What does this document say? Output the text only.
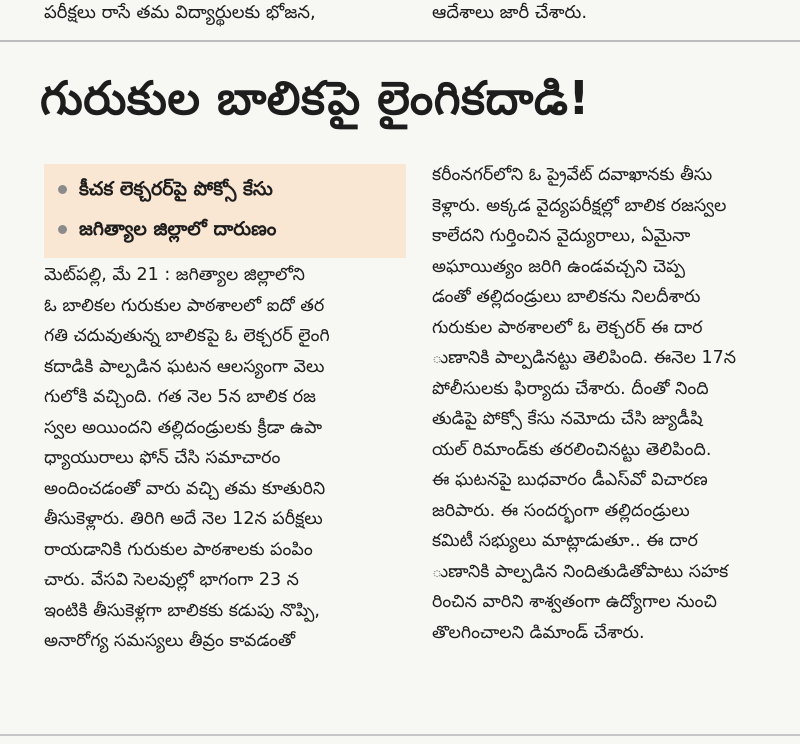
పరీక్షలు రాసే తమ విద్యార్థులకు భోజన,	ఆదేశాలు జారీ చేశారు.
గురుకుల బాలికపై లైంగికదాడి!
కీచక లెక్చరర్‌పై పోక్సో కేసు
జగిత్యాల జిల్లాలో దారుణం
మెట్‌పల్లి, మే 21 : జగిత్యాల జిల్లాలోని
ఓ బాలికల గురుకుల పాఠశాలలో ఐదో తర
గతి చదువుతున్న బాలికపై ఓ లెక్చరర్ లైంగి
కదాడికి పాల్పడిన ఘటన ఆలస్యంగా వెలు
గులోకి వచ్చింది. గత నెల 5న బాలిక రజ
స్వల అయిందని తల్లిదండ్రులకు క్రీడా ఉపా
ధ్యాయురాలు ఫోన్ చేసి సమాచారం
అందించడంతో వారు వచ్చి తమ కూతురిని
తీసుకెళ్లారు. తిరిగి అదే నెల 12న పరీక్షలు
రాయడానికి గురుకుల పాఠశాలకు పంపిం
చారు. వేసవి సెలవుల్లో భాగంగా 23 న
ఇంటికి తీసుకెళ్లగా బాలికకు కడుపు నొప్పి,
అనారోగ్య సమస్యలు తీవ్రం కావడంతో
కరీంనగర్‌లోని ఓ ప్రైవేట్ దవాఖానకు తీసు
కెళ్లారు. అక్కడ వైద్యపరీక్షల్లో బాలిక రజస్వల
కాలేదని గుర్తించిన వైద్యురాలు, ఏమైనా
అఘాయిత్యం జరిగి ఉండవచ్చని చెప్ప
డంతో తల్లిదండ్రులు బాలికను నిలదీశారు
గురుకుల పాఠశాలలో ఓ లెక్చరర్ ఈ దార
ుణానికి పాల్పడినట్టు తెలిపింది. ఈనెల 17న
పోలీసులకు ఫిర్యాదు చేశారు. దీంతో నింది
తుడిపై పోక్సో కేసు నమోదు చేసి జ్యుడీషి
యల్ రిమాండ్‌కు తరలించినట్టు తెలిపింది.
ఈ ఘటనపై బుధవారం డీఎస్‌వో విచారణ
జరిపారు. ఈ సందర్భంగా తల్లిదండ్రులు
కమిటీ సభ్యులు మాట్లాడుతూ.. ఈ దార
ుణానికి పాల్పడిన నిందితుడితోపాటు సహక
రించిన వారిని శాశ్వతంగా ఉద్యోగాల నుంచి
తొలగించాలని డిమాండ్ చేశారు.
